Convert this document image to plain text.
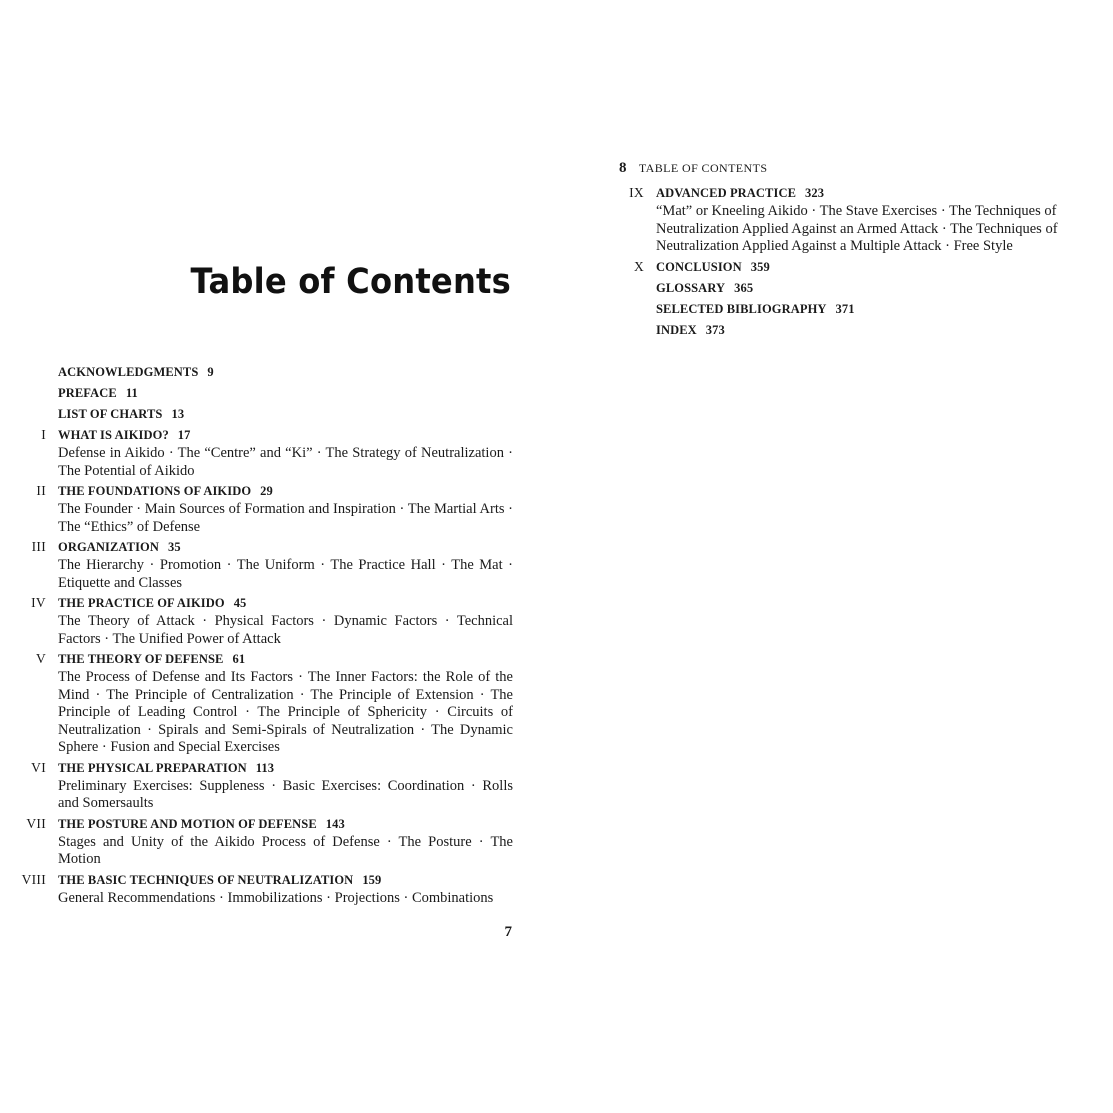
Table of Contents
ACKNOWLEDGMENTS 9
PREFACE 11
LIST OF CHARTS 13
I WHAT IS AIKIDO? 17
Defense in Aikido · The “Centre” and “Ki” · The Strategy of Neutralization · The Potential of Aikido
II THE FOUNDATIONS OF AIKIDO 29
The Founder · Main Sources of Formation and Inspiration · The Martial Arts · The “Ethics” of Defense
III ORGANIZATION 35
The Hierarchy · Promotion · The Uniform · The Practice Hall · The Mat · Etiquette and Classes
IV THE PRACTICE OF AIKIDO 45
The Theory of Attack · Physical Factors · Dynamic Factors · Technical Factors · The Unified Power of Attack
V THE THEORY OF DEFENSE 61
The Process of Defense and Its Factors · The Inner Factors: the Role of the Mind · The Principle of Centralization · The Principle of Extension · The Principle of Leading Control · The Principle of Sphericity · Circuits of Neutralization · Spirals and Semi-Spirals of Neutralization · The Dynamic Sphere · Fusion and Special Exercises
VI THE PHYSICAL PREPARATION 113
Preliminary Exercises: Suppleness · Basic Exercises: Coordination · Rolls and Somersaults
VII THE POSTURE AND MOTION OF DEFENSE 143
Stages and Unity of the Aikido Process of Defense · The Posture · The Motion
VIII THE BASIC TECHNIQUES OF NEUTRALIZATION 159
General Recommendations · Immobilizations · Projections · Combinations
7
8 TABLE OF CONTENTS
IX ADVANCED PRACTICE 323
“Mat” or Kneeling Aikido · The Stave Exercises · The Techniques of Neutralization Applied Against an Armed Attack · The Techniques of Neutralization Applied Against a Multiple Attack · Free Style
X CONCLUSION 359
GLOSSARY 365
SELECTED BIBLIOGRAPHY 371
INDEX 373
